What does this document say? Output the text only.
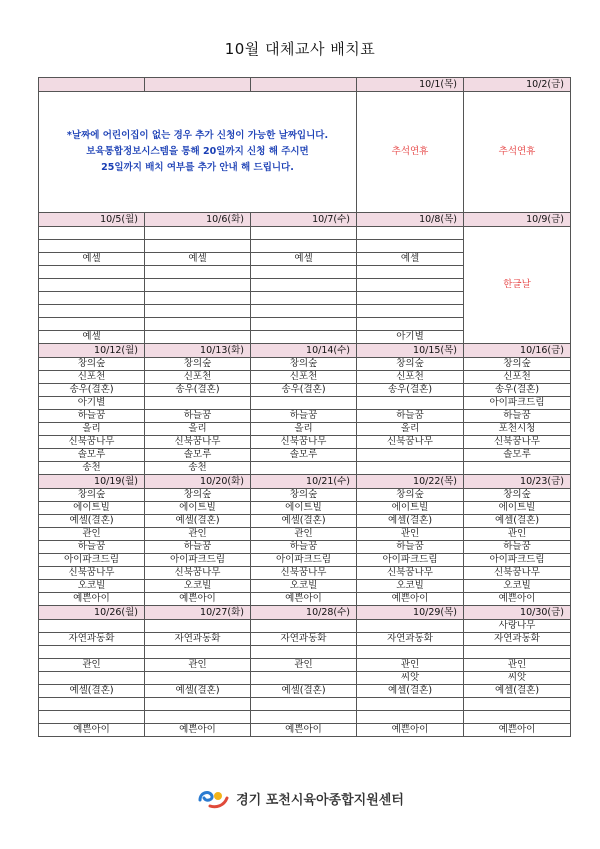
10월 대체교사 배치표
			10/1(목)	10/2(금)

*날짜에 어린이집이 없는 경우 추가 신청이 가능한 날짜입니다.
보육통합정보시스템을 통해 20일까지 신청 해 주시면
25일까지 배치 여부를 추가 안내 해 드립니다.			추석연휴	추석연휴
10/5(월)	10/6(화)	10/7(수)	10/8(목)	10/9(금)
				한글날

예셀	예셀	예셀	예셀	

예셀			아기별	
10/12(월)	10/13(화)	10/14(수)	10/15(목)	10/16(금)
창의숲	창의숲	창의숲	창의숲	창의숲
신포천	신포천	신포천	신포천	신포천
송우(결혼)	송우(결혼)	송우(결혼)	송우(결혼)	송우(결혼)
아기별				아이파크드림
하늘꿈	하늘꿈	하늘꿈	하늘꿈	하늘꿈
올리	올리	올리	올리	포천시청
신북꿈나무	신북꿈나무	신북꿈나무	신북꿈나무	신북꿈나무
솔모루	솔모루	솔모루		솔모루
송천	송천			
10/19(월)	10/20(화)	10/21(수)	10/22(목)	10/23(금)
창의숲	창의숲	창의숲	창의숲	창의숲
에이트빌	에이트빌	에이트빌	에이트빌	에이트빌
예셀(결혼)	예셀(결혼)	예셀(결혼)	예셀(결혼)	예셀(결혼)
관인	관인	관인	관인	관인
하늘꿈	하늘꿈	하늘꿈	하늘꿈	하늘꿈
아이파크드림	아이파크드림	아이파크드림	아이파크드림	아이파크드림
신북꿈나무	신북꿈나무	신북꿈나무	신북꿈나무	신북꿈나무
오코빌	오코빌	오코빌	오코빌	오코빌
예쁜아이	예쁜아이	예쁜아이	예쁜아이	예쁜아이
10/26(월)	10/27(화)	10/28(수)	10/29(목)	10/30(금)
				사랑나무
자연과동화	자연과동화	자연과동화	자연과동화	자연과동화

관인	관인	관인	관인	관인
			씨앗	씨앗
예셀(결혼)	예셀(결혼)	예셀(결혼)	예셀(결혼)	예셀(결혼)

예쁜아이	예쁜아이	예쁜아이	예쁜아이	예쁜아이
경기 포천시육아종합지원센터
